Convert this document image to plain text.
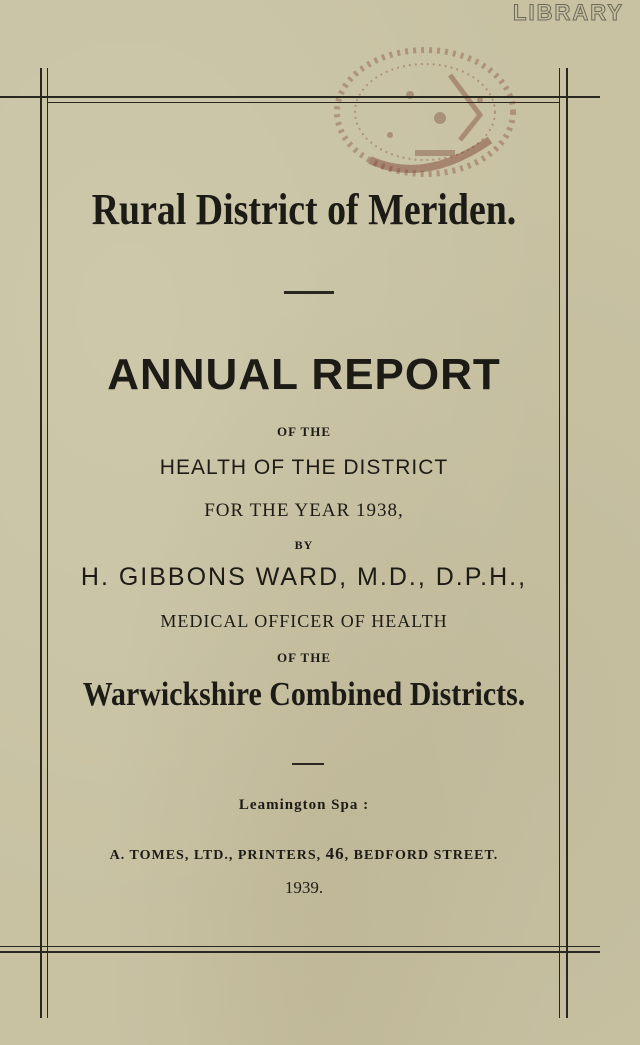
LIBRARY
Rural District of Meriden.
ANNUAL REPORT
OF THE
HEALTH OF THE DISTRICT
FOR THE YEAR 1938,
BY
H. GIBBONS WARD, M.D., D.P.H.,
MEDICAL OFFICER OF HEALTH
OF THE
Warwickshire Combined Districts.
Leamington Spa :
A. TOMES, LTD., PRINTERS, 46, BEDFORD STREET.
1939.
